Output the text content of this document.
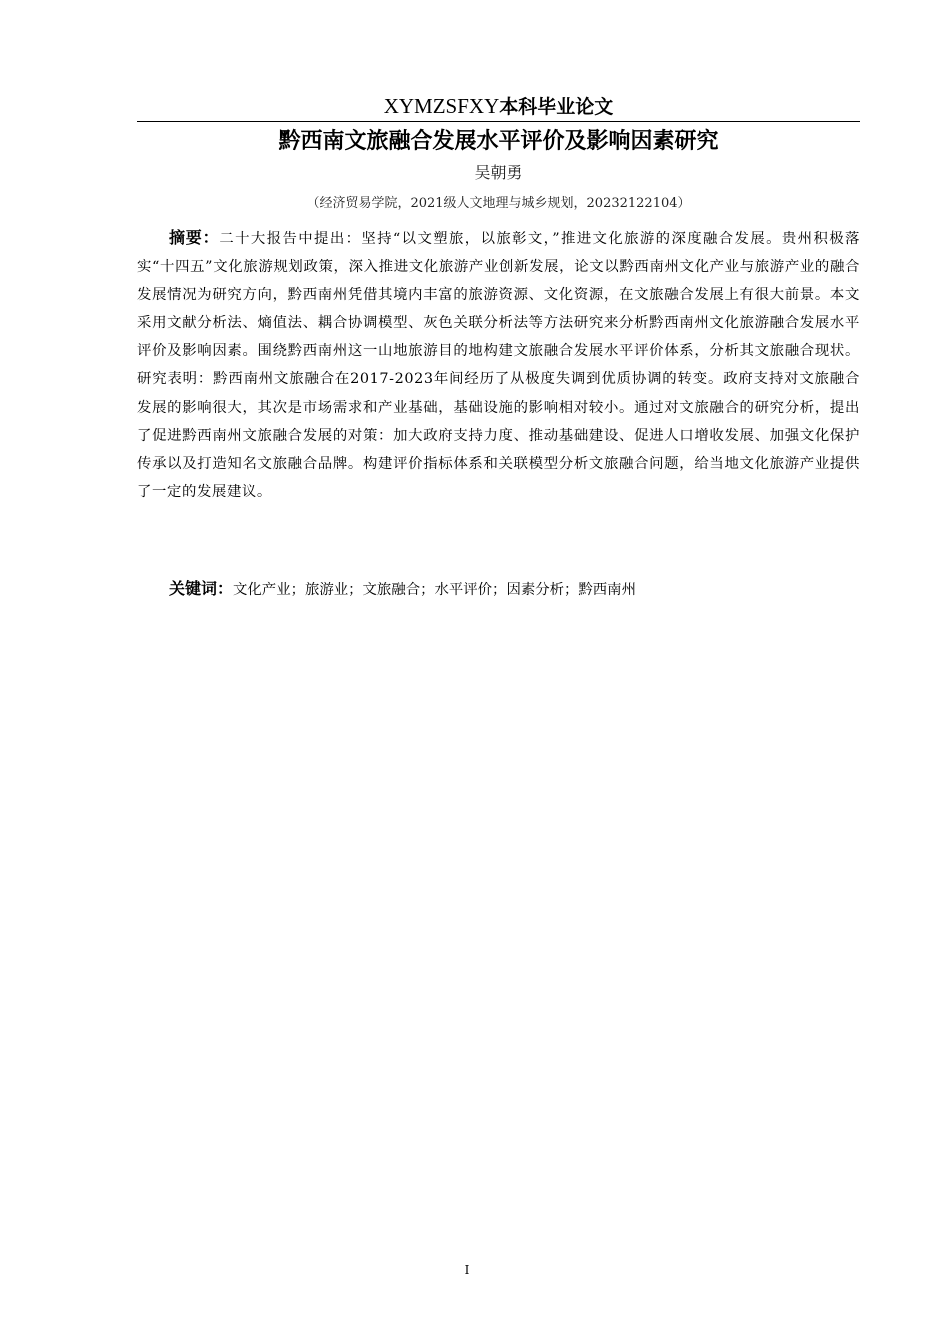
XYMZSFXY本科毕业论文
黔西南文旅融合发展水平评价及影响因素研究
吴朝勇
（经济贸易学院，2021级人文地理与城乡规划，20232122104）
摘要：二十大报告中提出：坚持“以文塑旅，以旅彰文，”推进文化旅游的深度融合发展。贵州积极落实“十四五”文化旅游规划政策，深入推进文化旅游产业创新发展，论文以黔西南州文化产业与旅游产业的融合发展情况为研究方向，黔西南州凭借其境内丰富的旅游资源、文化资源，在文旅融合发展上有很大前景。本文采用文献分析法、熵值法、耦合协调模型、灰色关联分析法等方法研究来分析黔西南州文化旅游融合发展水平评价及影响因素。围绕黔西南州这一山地旅游目的地构建文旅融合发展水平评价体系，分析其文旅融合现状。研究表明：黔西南州文旅融合在2017-2023年间经历了从极度失调到优质协调的转变。政府支持对文旅融合发展的影响很大，其次是市场需求和产业基础，基础设施的影响相对较小。通过对文旅融合的研究分析，提出了促进黔西南州文旅融合发展的对策：加大政府支持力度、推动基础建设、促进人口增收发展、加强文化保护传承以及打造知名文旅融合品牌。构建评价指标体系和关联模型分析文旅融合问题，给当地文化旅游产业提供了一定的发展建议。
关键词：文化产业；旅游业；文旅融合；水平评价；因素分析；黔西南州
I
